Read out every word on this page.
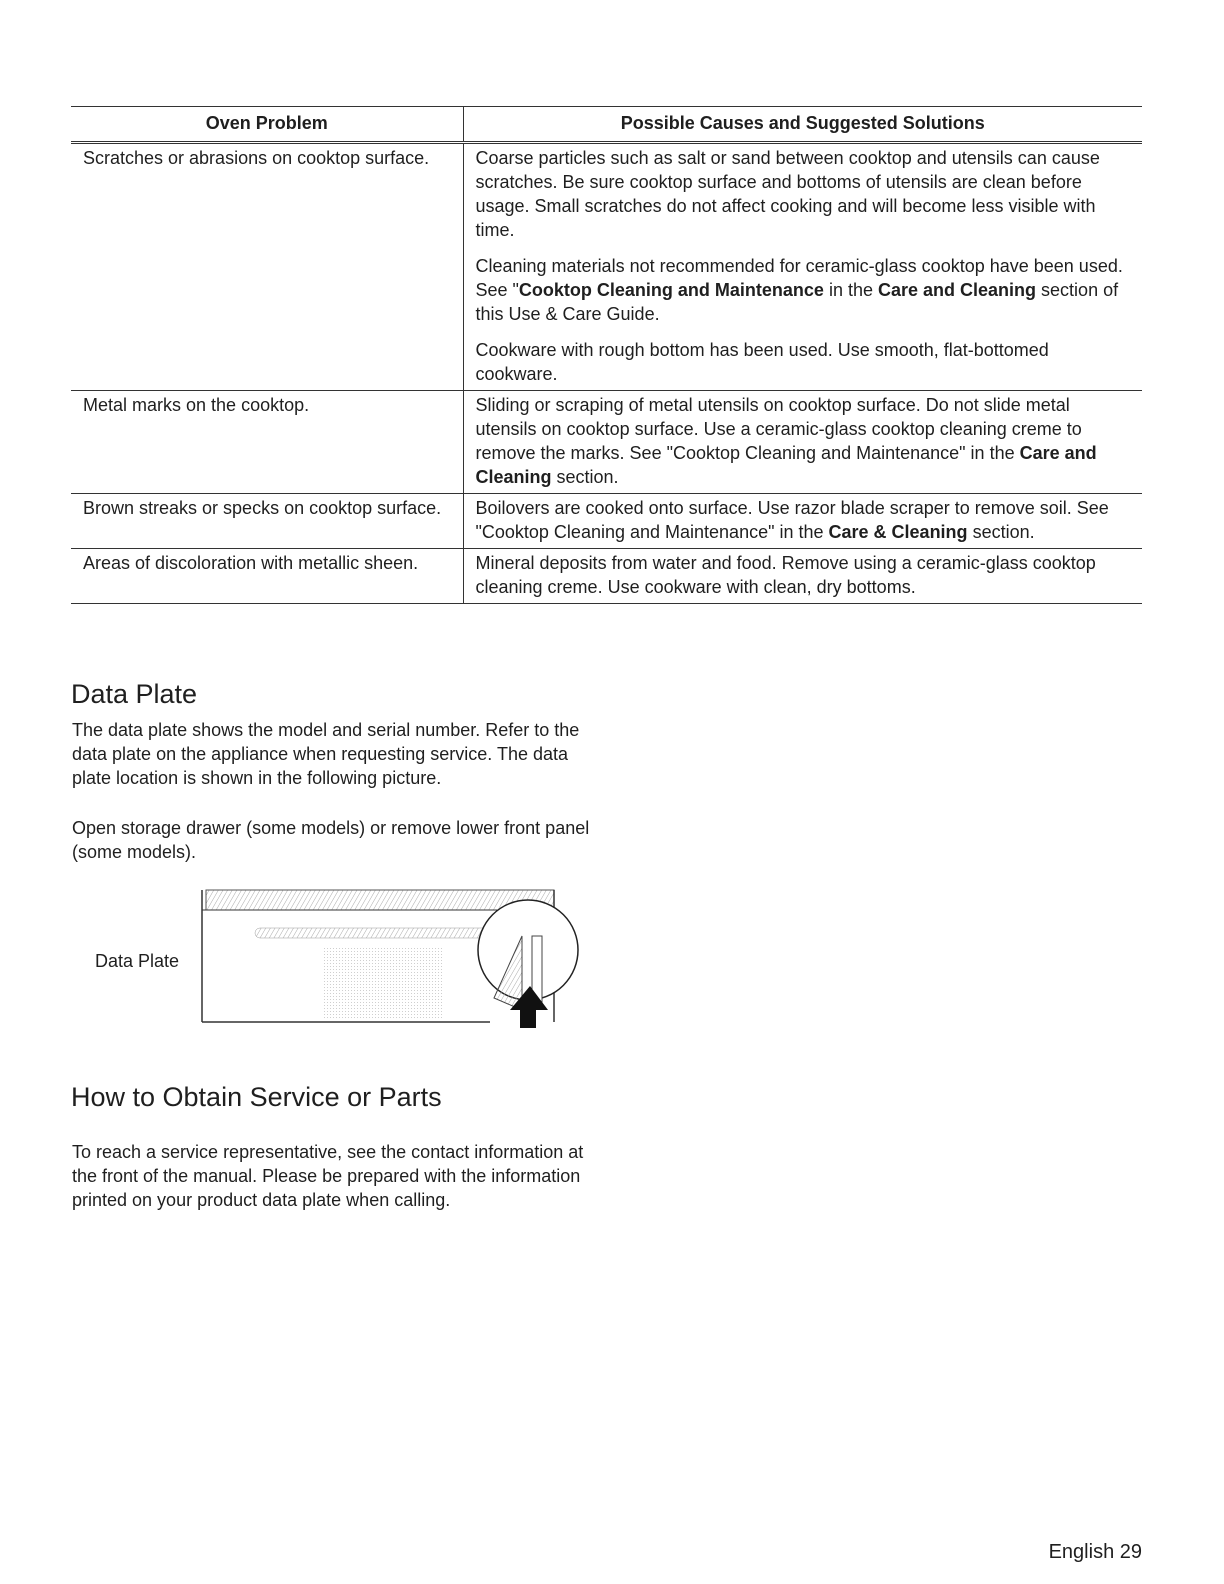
Oven Problem	Possible Causes and Suggested Solutions
Scratches or abrasions on cooktop surface.	Coarse particles such as salt or sand between cooktop and utensils can cause scratches. Be sure cooktop surface and bottoms of utensils are clean before usage. Small scratches do not affect cooking and will become less visible with time.

Cleaning materials not recommended for ceramic-glass cooktop have been used. See "Cooktop Cleaning and Maintenance in the Care and Cleaning section of this Use & Care Guide.

Cookware with rough bottom has been used. Use smooth, flat-bottomed cookware.

Metal marks on the cooktop.	Sliding or scraping of metal utensils on cooktop surface. Do not slide metal utensils on cooktop surface. Use a ceramic-glass cooktop cleaning creme to remove the marks. See "Cooktop Cleaning and Maintenance" in the Care and Cleaning section.

Brown streaks or specks on cooktop surface.	Boilovers are cooked onto surface. Use razor blade scraper to remove soil. See "Cooktop Cleaning and Maintenance" in the Care & Cleaning section.

Areas of discoloration with metallic sheen.	Mineral deposits from water and food. Remove using a ceramic-glass cooktop cleaning creme. Use cookware with clean, dry bottoms.

Data Plate

The data plate shows the model and serial number. Refer to the data plate on the appliance when requesting service. The data plate location is shown in the following picture.

Open storage drawer (some models) or remove lower front panel (some models).

Data Plate
How to Obtain Service or Parts

To reach a service representative, see the contact information at the front of the manual. Please be prepared with the information printed on your product data plate when calling.

English 29
